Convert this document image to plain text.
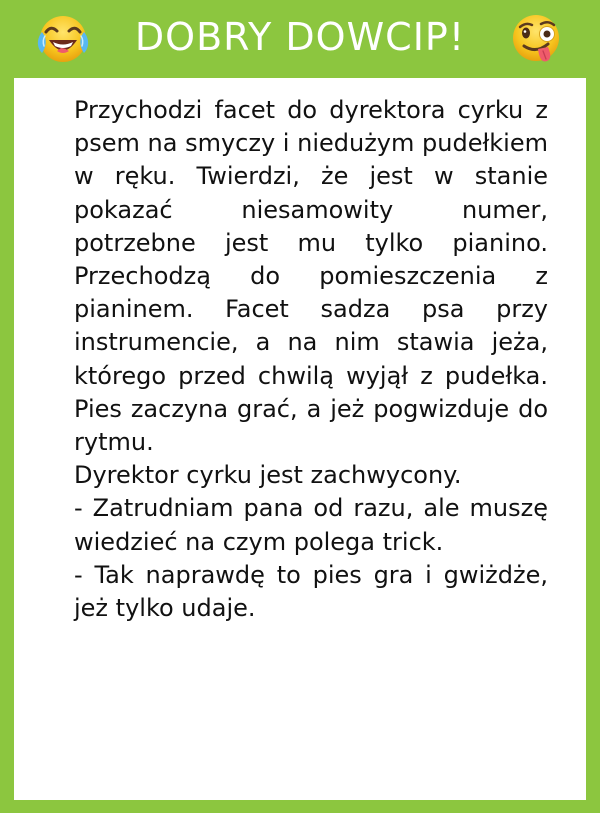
DOBRY DOWCIP!

Przychodzi facet do dyrektora cyrku z psem na smyczy i niedużym pudełkiem w ręku. Twierdzi, że jest w stanie pokazać niesamowity numer, potrzebne jest mu tylko pianino. Przechodzą do pomieszczenia z pianinem. Facet sadza psa przy instrumencie, a na nim stawia jeża, którego przed chwilą wyjął z pudełka. Pies zaczyna grać, a jeż pogwizduje do rytmu.

Dyrektor cyrku jest zachwycony.

- Zatrudniam pana od razu, ale muszę wiedzieć na czym polega trick.

- Tak naprawdę to pies gra i gwiżdże, jeż tylko udaje.
